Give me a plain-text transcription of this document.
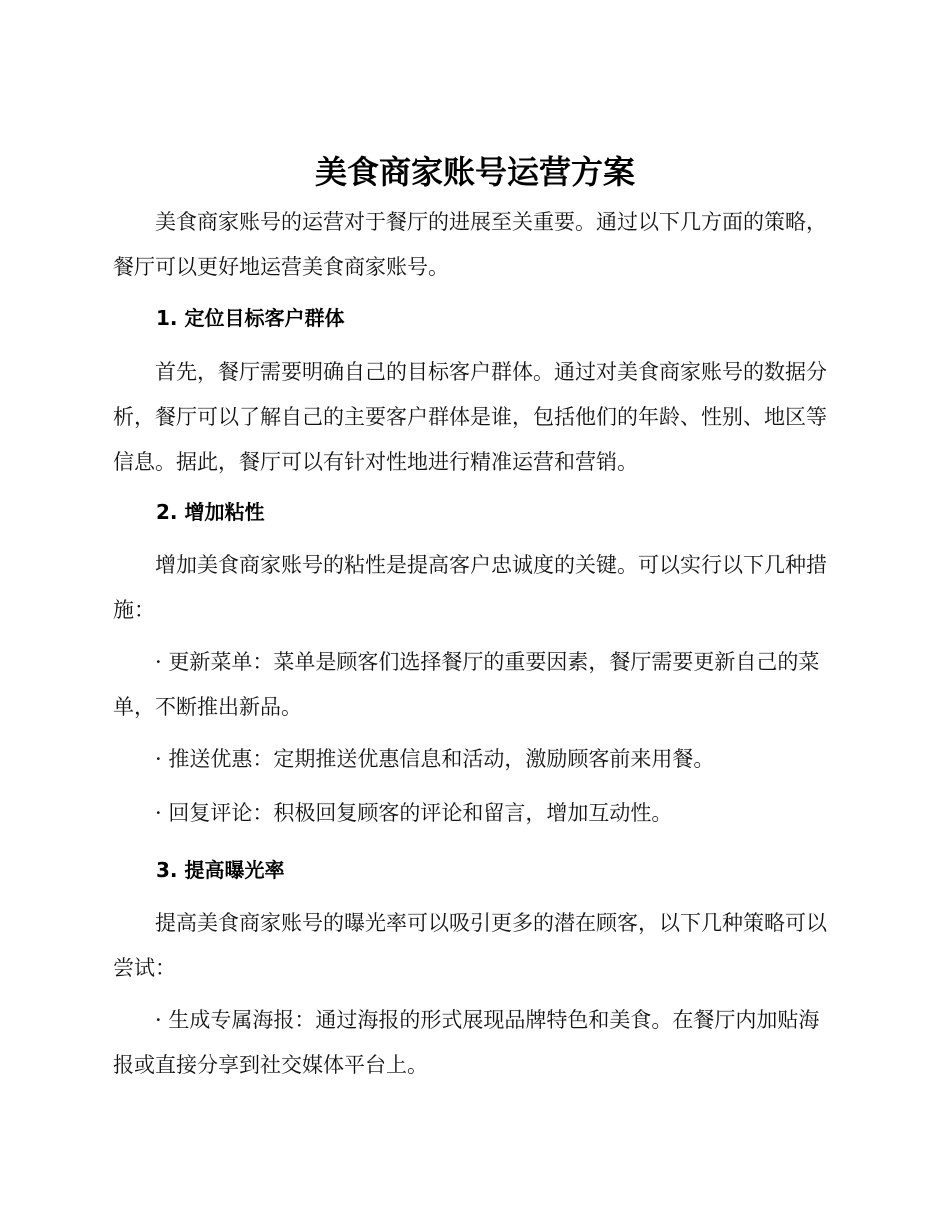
美食商家账号运营方案

美食商家账号的运营对于餐厅的进展至关重要。通过以下几方面的策略，餐厅可以更好地运营美食商家账号。

1. 定位目标客户群体

首先，餐厅需要明确自己的目标客户群体。通过对美食商家账号的数据分析，餐厅可以了解自己的主要客户群体是谁，包括他们的年龄、性别、地区等信息。据此，餐厅可以有针对性地进行精准运营和营销。

2. 增加粘性

增加美食商家账号的粘性是提高客户忠诚度的关键。可以实行以下几种措施：

· 更新菜单：菜单是顾客们选择餐厅的重要因素，餐厅需要更新自己的菜单，不断推出新品。

· 推送优惠：定期推送优惠信息和活动，激励顾客前来用餐。

· 回复评论：积极回复顾客的评论和留言，增加互动性。

3. 提高曝光率

提高美食商家账号的曝光率可以吸引更多的潜在顾客，以下几种策略可以尝试：

· 生成专属海报：通过海报的形式展现品牌特色和美食。在餐厅内加贴海报或直接分享到社交媒体平台上。
